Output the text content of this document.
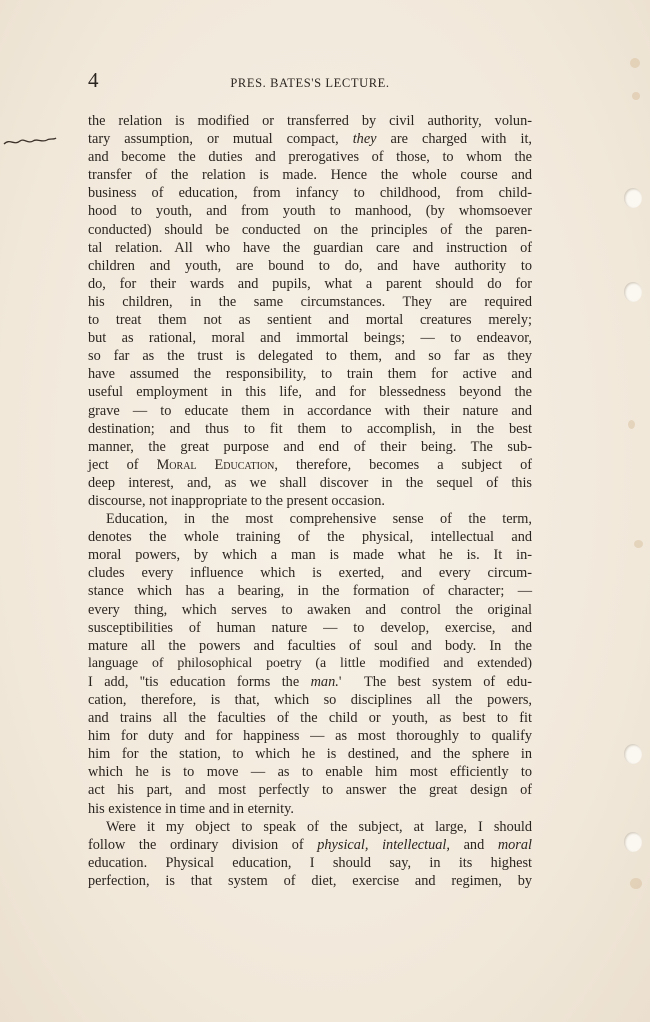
4	PRES. BATES'S LECTURE.

the relation is modified or transferred by civil authority, volun-
tary assumption, or mutual compact, they are charged with it,
and become the duties and prerogatives of those, to whom the
transfer of the relation is made. Hence the whole course and
business of education, from infancy to childhood, from child-
hood to youth, and from youth to manhood, (by whomsoever
conducted) should be conducted on the principles of the paren-
tal relation. All who have the guardian care and instruction of
children and youth, are bound to do, and have authority to
do, for their wards and pupils, what a parent should do for
his children, in the same circumstances. They are required
to treat them not as sentient and mortal creatures merely;
but as rational, moral and immortal beings; — to endeavor,
so far as the trust is delegated to them, and so far as they
have assumed the responsibility, to train them for active and
useful employment in this life, and for blessedness beyond the
grave — to educate them in accordance with their nature and
destination; and thus to fit them to accomplish, in the best
manner, the great purpose and end of their being. The sub-
ject of Moral Education, therefore, becomes a subject of
deep interest, and, as we shall discover in the sequel of this
discourse, not inappropriate to the present occasion.

Education, in the most comprehensive sense of the term,
denotes the whole training of the physical, intellectual and
moral powers, by which a man is made what he is. It in-
cludes every influence which is exerted, and every circum-
stance which has a bearing, in the formation of character; —
every thing, which serves to awaken and control the original
susceptibilities of human nature — to develop, exercise, and
mature all the powers and faculties of soul and body. In the
language of philosophical poetry (a little modified and extended)
I add, ''tis education forms the man.'  The best system of edu-
cation, therefore, is that, which so disciplines all the powers,
and trains all the faculties of the child or youth, as best to fit
him for duty and for happiness — as most thoroughly to qualify
him for the station, to which he is destined, and the sphere in
which he is to move — as to enable him most efficiently to
act his part, and most perfectly to answer the great design of
his existence in time and in eternity.

Were it my object to speak of the subject, at large, I should
follow the ordinary division of physical, intellectual, and moral
education. Physical education, I should say, in its highest
perfection, is that system of diet, exercise and regimen, by
